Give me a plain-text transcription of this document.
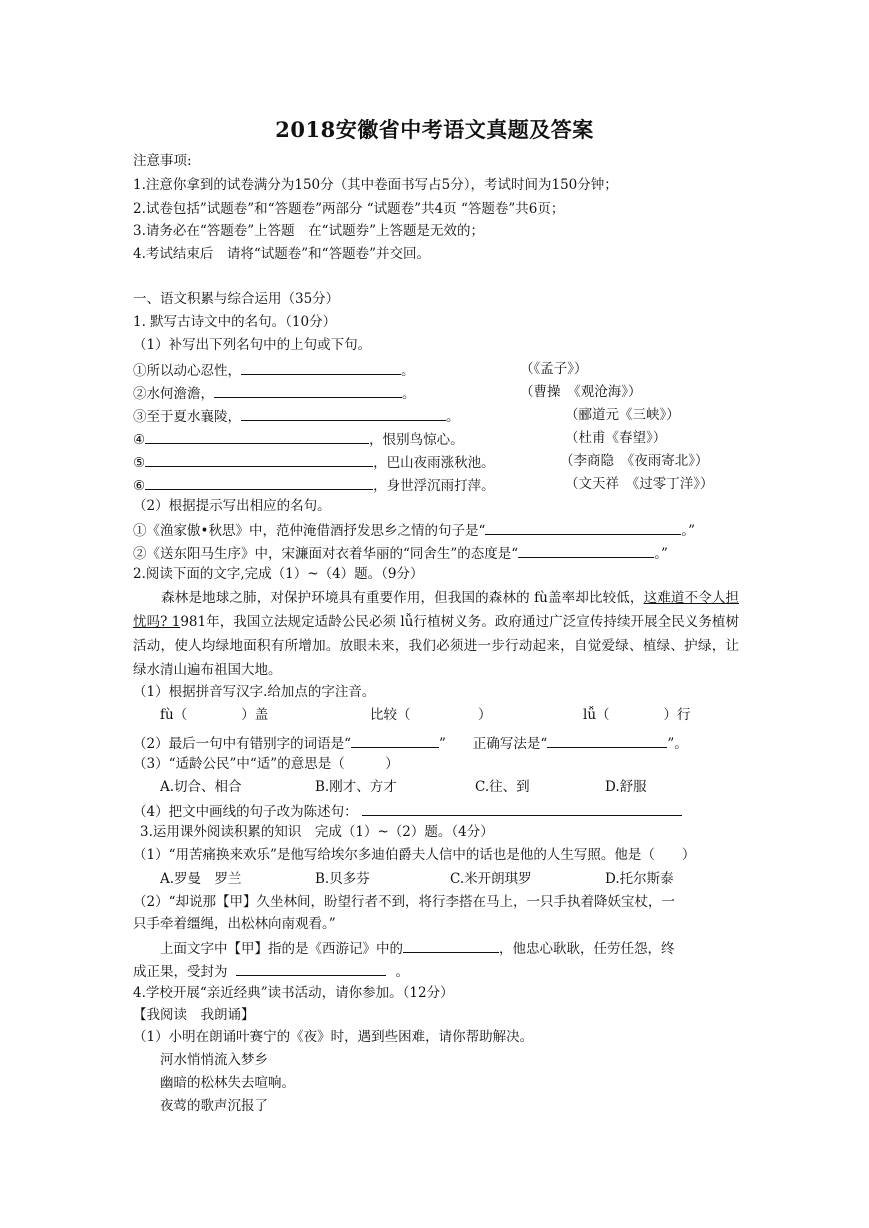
2018安徽省中考语文真题及答案
注意事项:
1.注意你拿到的试卷满分为150分（其中卷面书写占5分），考试时间为150分钟；
2.试卷包括”试题卷”和“答题卷”两部分 “试题卷”共4页 “答题卷”共6页；
3.请务必在“答题卷”上答题　在“试题券”上答题是无效的；
4.考试结束后　请将“试题卷”和“答题卷”并交回。
一、语文积累与综合运用（35分）
1. 默写古诗文中的名句。（10分）
（1）补写出下列名句中的上句或下句。
①所以动心忍性，	。	（《孟子》）
②水何澹澹，	。	（曹操　《观沧海》）
③至于夏水襄陵，	。	（郦道元《三峡》）
④	，恨别鸟惊心。	（杜甫《春望》）
⑤	，巴山夜雨涨秋池。	（李商隐　《夜雨寄北》）
⑥	，身世浮沉雨打萍。	（文天祥　《过零丁洋》）
（2）根据提示写出相应的名句。
①《渔家傲•秋思》中，范仲淹借酒抒发思乡之情的句子是“	。”
②《送东阳马生序》中，宋濂面对衣着华丽的“同舍生”的态度是“	。”
2.阅读下面的文字,完成（1）~（4）题。（9分）
森林是地球之肺，对保护环境具有重要作用，但我国的森林的 fù盖率却比较低，这难道不令人担忧吗? 1981年，我国立法规定适龄公民必须 lǚ行植树义务。政府通过广泛宣传持续开展全民义务植树活动，使人均绿地面积有所增加。放眼未来，我们必须进一步行动起来，自觉爱绿、植绿、护绿，让绿水清山遍布祖国大地。
（1）根据拼音写汉字.给加点的字注音。
fù（　　　　）盖	比较（　　　　　）	lǚ（　　　　）行
（2）最后一句中有错别字的词语是“	”　　正确写法是“	”。
（3）“适龄公民”中“适”的意思是（　　　）
A.切合、相合	B.刚才、方才	C.往、到	D.舒服
（4）把文中画线的句子改为陈述句：
3.运用课外阅读积累的知识　完成（1）~（2）题。（4分）
（1）“用苦痛换来欢乐”是他写给埃尔多迪伯爵夫人信中的话也是他的人生写照。他是（　　）
A.罗曼　罗兰	B.贝多芬	C.米开朗琪罗	D.托尔斯泰
（2）“却说那【甲】久坐林间，盼望行者不到，将行李搭在马上，一只手执着降妖宝杖，一
只手牵着缰绳，出松林向南观看。”
上面文字中【甲】指的是《西游记》中的	，他忠心耿耿，任劳任怨，终
成正果，受封为	。
4.学校开展“亲近经典”读书活动，请你参加。（12分）
【我阅读　我朗诵】
（1）小明在朗诵叶赛宁的《夜》时，遇到些困难，请你帮助解决。
河水悄悄流入梦乡
幽暗的松林失去喧响。
夜莺的歌声沉报了
